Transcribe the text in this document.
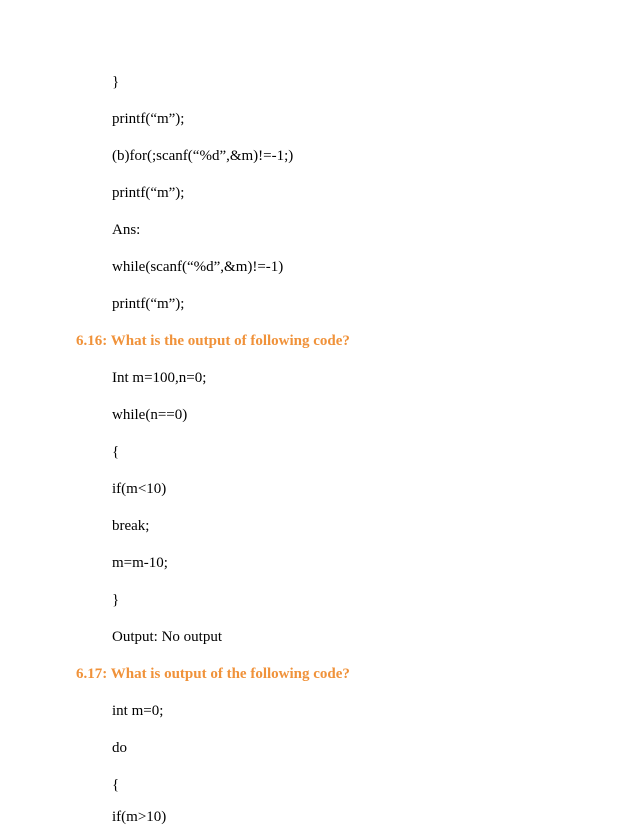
}
printf(“m”);
(b)for(;scanf(“%d”,&m)!=-1;)
printf(“m”);
Ans:
while(scanf(“%d”,&m)!=-1)
printf(“m”);
6.16: What is the output of following code?
Int m=100,n=0;
while(n==0)
{
if(m<10)
break;
m=m-10;
}
Output: No output
6.17: What is output of the following code?
int m=0;
do
{
if(m>10)
